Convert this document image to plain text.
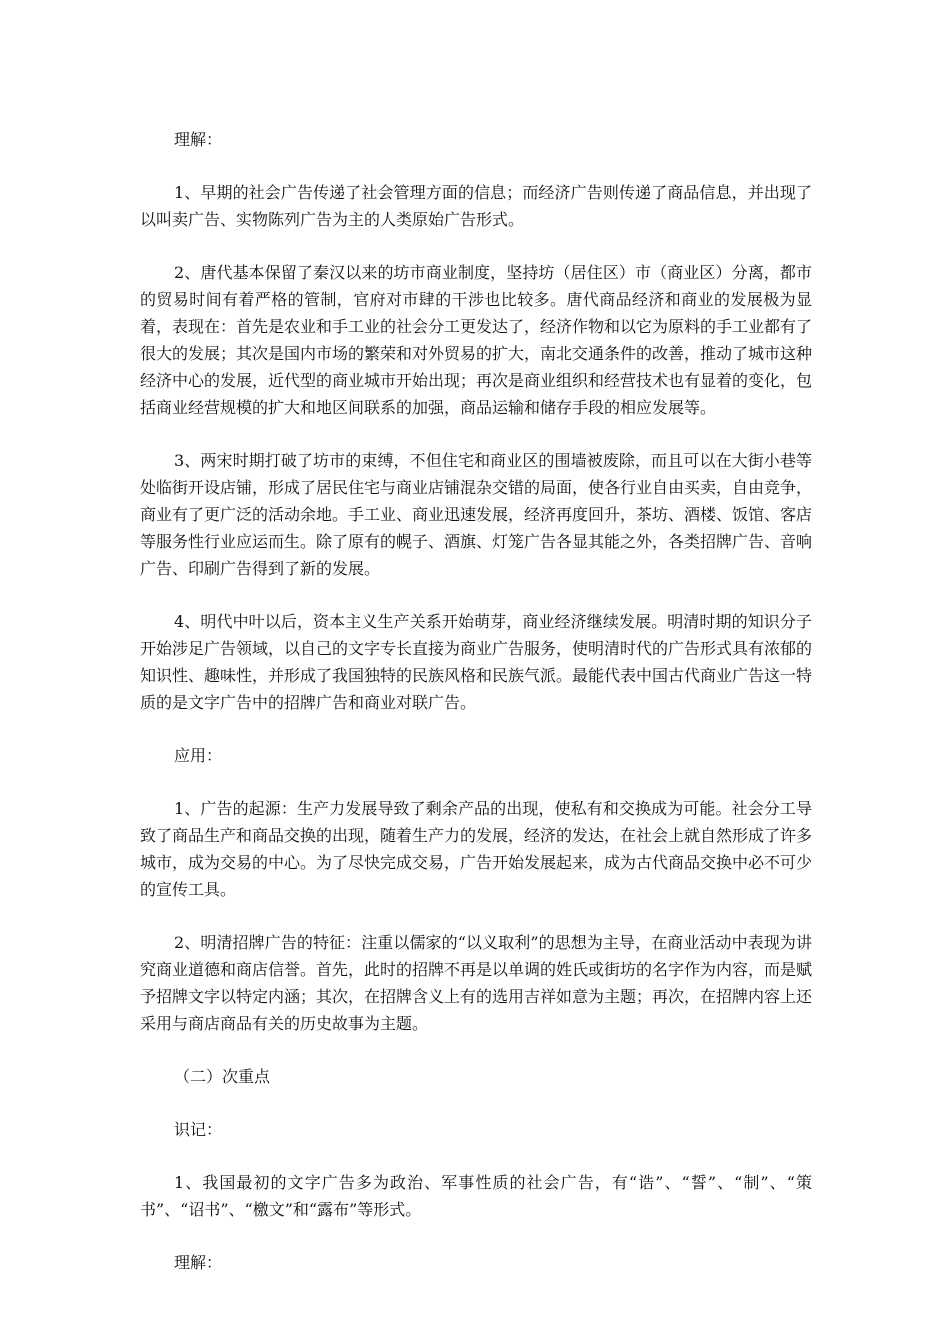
理解：

1、早期的社会广告传递了社会管理方面的信息；而经济广告则传递了商品信息，并出现了以叫卖广告、实物陈列广告为主的人类原始广告形式。

2、唐代基本保留了秦汉以来的坊市商业制度，坚持坊（居住区）市（商业区）分离，都市的贸易时间有着严格的管制，官府对市肆的干涉也比较多。唐代商品经济和商业的发展极为显着，表现在：首先是农业和手工业的社会分工更发达了，经济作物和以它为原料的手工业都有了很大的发展；其次是国内市场的繁荣和对外贸易的扩大，南北交通条件的改善，推动了城市这种经济中心的发展，近代型的商业城市开始出现；再次是商业组织和经营技术也有显着的变化，包括商业经营规模的扩大和地区间联系的加强，商品运输和储存手段的相应发展等。

3、两宋时期打破了坊市的束缚，不但住宅和商业区的围墙被废除，而且可以在大街小巷等处临街开设店铺，形成了居民住宅与商业店铺混杂交错的局面，使各行业自由买卖，自由竞争，商业有了更广泛的活动余地。手工业、商业迅速发展，经济再度回升，茶坊、酒楼、饭馆、客店等服务性行业应运而生。除了原有的幌子、酒旗、灯笼广告各显其能之外，各类招牌广告、音响广告、印刷广告得到了新的发展。

4、明代中叶以后，资本主义生产关系开始萌芽，商业经济继续发展。明清时期的知识分子开始涉足广告领域，以自己的文字专长直接为商业广告服务，使明清时代的广告形式具有浓郁的知识性、趣味性，并形成了我国独特的民族风格和民族气派。最能代表中国古代商业广告这一特质的是文字广告中的招牌广告和商业对联广告。

应用：

1、广告的起源：生产力发展导致了剩余产品的出现，使私有和交换成为可能。社会分工导致了商品生产和商品交换的出现，随着生产力的发展，经济的发达，在社会上就自然形成了许多城市，成为交易的中心。为了尽快完成交易，广告开始发展起来，成为古代商品交换中必不可少的宣传工具。

2、明清招牌广告的特征：注重以儒家的“以义取利”的思想为主导，在商业活动中表现为讲究商业道德和商店信誉。首先，此时的招牌不再是以单调的姓氏或街坊的名字作为内容，而是赋予招牌文字以特定内涵；其次，在招牌含义上有的选用吉祥如意为主题；再次，在招牌内容上还采用与商店商品有关的历史故事为主题。

（二）次重点

识记：

1、我国最初的文字广告多为政治、军事性质的社会广告，有“诰”、“誓”、“制”、“策书”、“诏书”、“檄文”和“露布”等形式。

理解：
